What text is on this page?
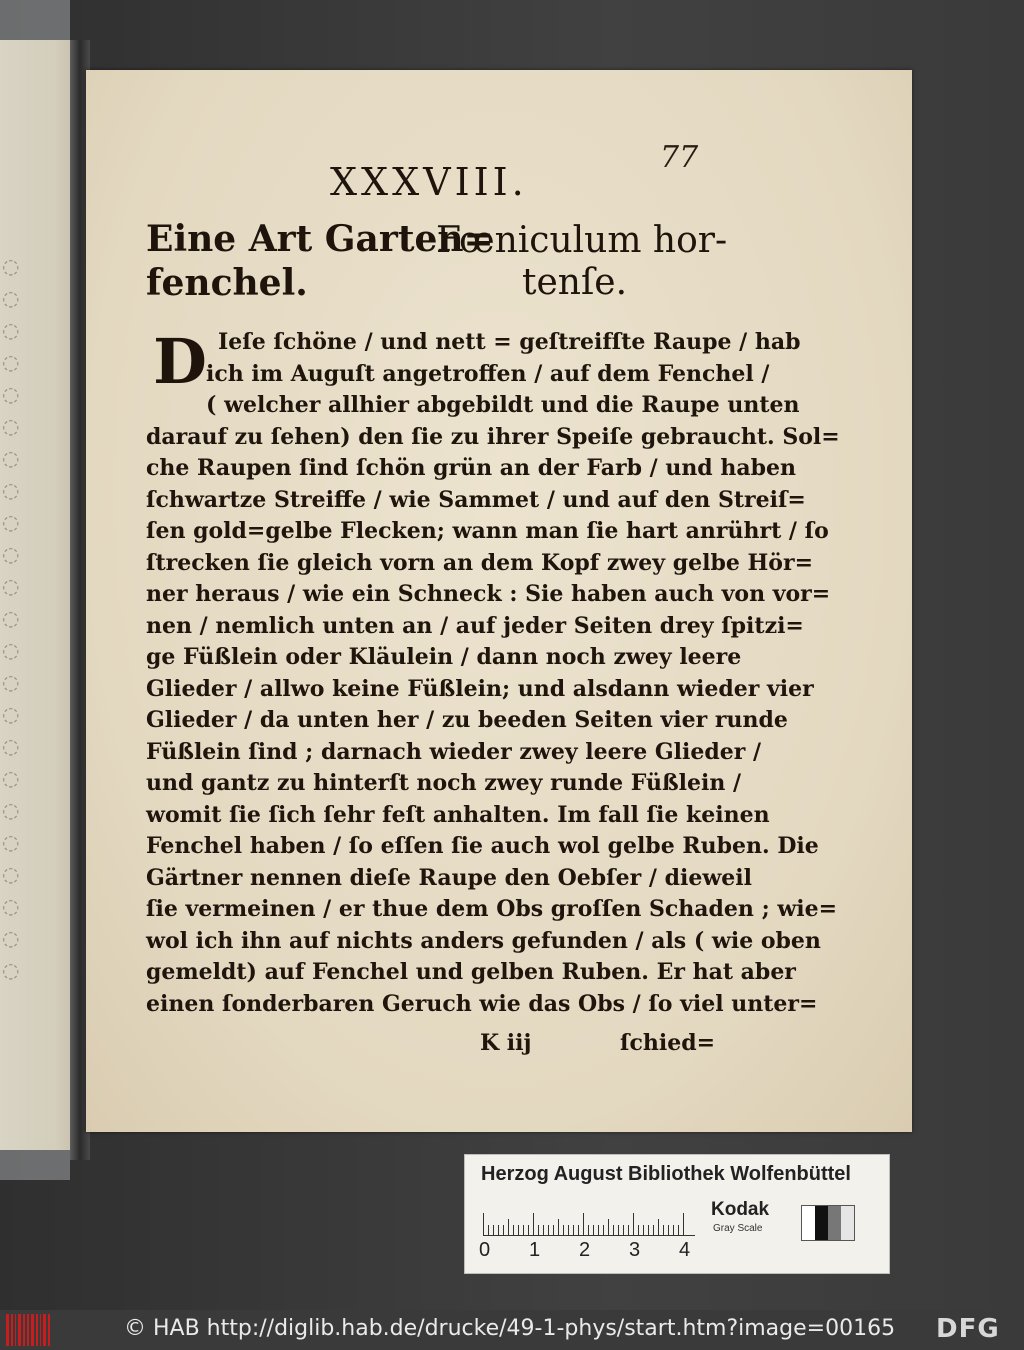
◌
◌
◌
◌
◌
◌
◌
◌
◌
◌
◌
◌
◌
◌
◌
◌
◌
◌
◌
◌
◌
◌
◌
77
XXXVIII.
Eine Art Garten=
fenchel.
Fœniculum hor-
tenſe.
D Ieſe ſchöne / und nett = geſtreifſte Raupe / hab
ich im Auguſt angetroffen / auf dem Fenchel /
( welcher allhier abgebildt und die Raupe unten
darauf zu ſehen) den ſie zu ihrer Speiſe gebraucht. Sol=
che Raupen ſind ſchön grün an der Farb / und haben
ſchwartze Streiffe / wie Sammet / und auf den Streiſ=
ſen gold=gelbe Flecken; wann man ſie hart anrührt / ſo
ſtrecken ſie gleich vorn an dem Kopf zwey gelbe Hör=
ner heraus / wie ein Schneck : Sie haben auch von vor=
nen / nemlich unten an / auf jeder Seiten drey ſpitzi=
ge Füßlein oder Kläulein / dann noch zwey leere
Glieder / allwo keine Füßlein; und alsdann wieder vier
Glieder / da unten her / zu beeden Seiten vier runde
Füßlein ſind ; darnach wieder zwey leere Glieder /
und gantz zu hinterſt noch zwey runde Füßlein /
womit ſie ſich ſehr feſt anhalten. Im fall ſie keinen
Fenchel haben / ſo eſſen ſie auch wol gelbe Ruben. Die
Gärtner nennen dieſe Raupe den Oebſer / dieweil
ſie vermeinen / er thue dem Obs groſſen Schaden ; wie=
wol ich ihn auf nichts anders gefunden / als ( wie oben
gemeldt) auf Fenchel und gelben Ruben. Er hat aber
einen ſonderbaren Geruch wie das Obs / ſo viel unter=
K iij	ſchied=
Herzog August Bibliothek Wolfenbüttel
0 1 2 3 4
Kodak
Gray Scale
© HAB http://diglib.hab.de/drucke/49-1-phys/start.htm?image=00165 DFG
